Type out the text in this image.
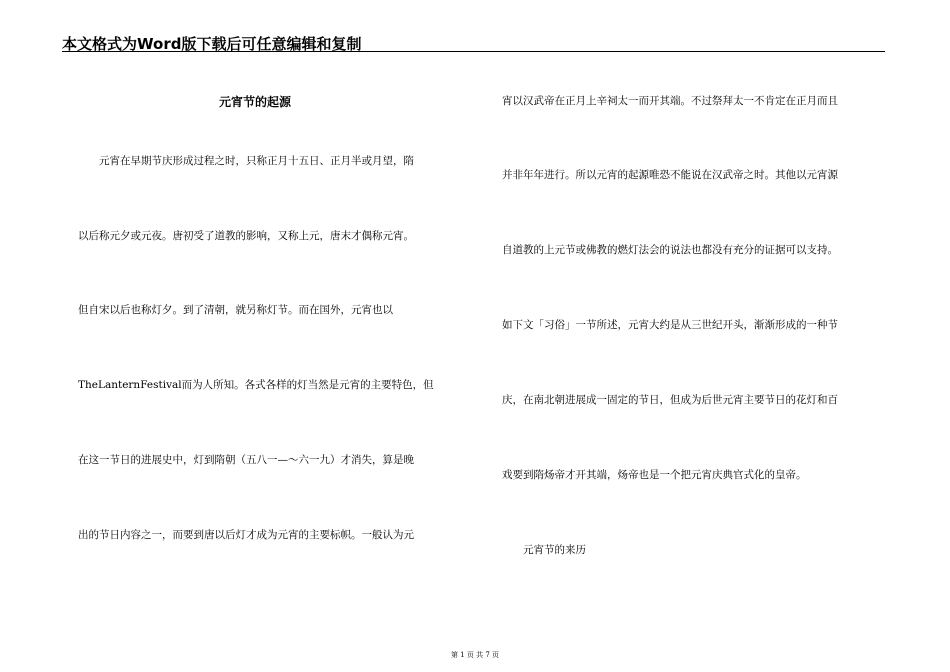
本文格式为Word版下载后可任意编辑和复制
元宵节的起源
　　元宵在早期节庆形成过程之时，只称正月十五日、正月半或月望，隋
以后称元夕或元夜。唐初受了道教的影响，又称上元，唐末才偶称元宵。
但自宋以后也称灯夕。到了清朝，就另称灯节。而在国外，元宵也以
TheLanternFestival而为人所知。各式各样的灯当然是元宵的主要特色，但
在这一节日的进展史中，灯到隋朝（五八一—～六一九）才消失，算是晚
出的节日内容之一，而要到唐以后灯才成为元宵的主要标帜。一般认为元
宵以汉武帝在正月上辛祠太一而开其端。不过祭拜太一不肯定在正月而且
并非年年进行。所以元宵的起源唯恐不能说在汉武帝之时。其他以元宵源
自道教的上元节或佛教的燃灯法会的说法也都没有充分的证据可以支持。
如下文「习俗」一节所述，元宵大约是从三世纪开头，渐渐形成的一种节
庆，在南北朝进展成一固定的节日，但成为后世元宵主要节日的花灯和百
戏要到隋炀帝才开其端，炀帝也是一个把元宵庆典官式化的皇帝。
　　元宵节的来历
第 1 页 共 7 页
